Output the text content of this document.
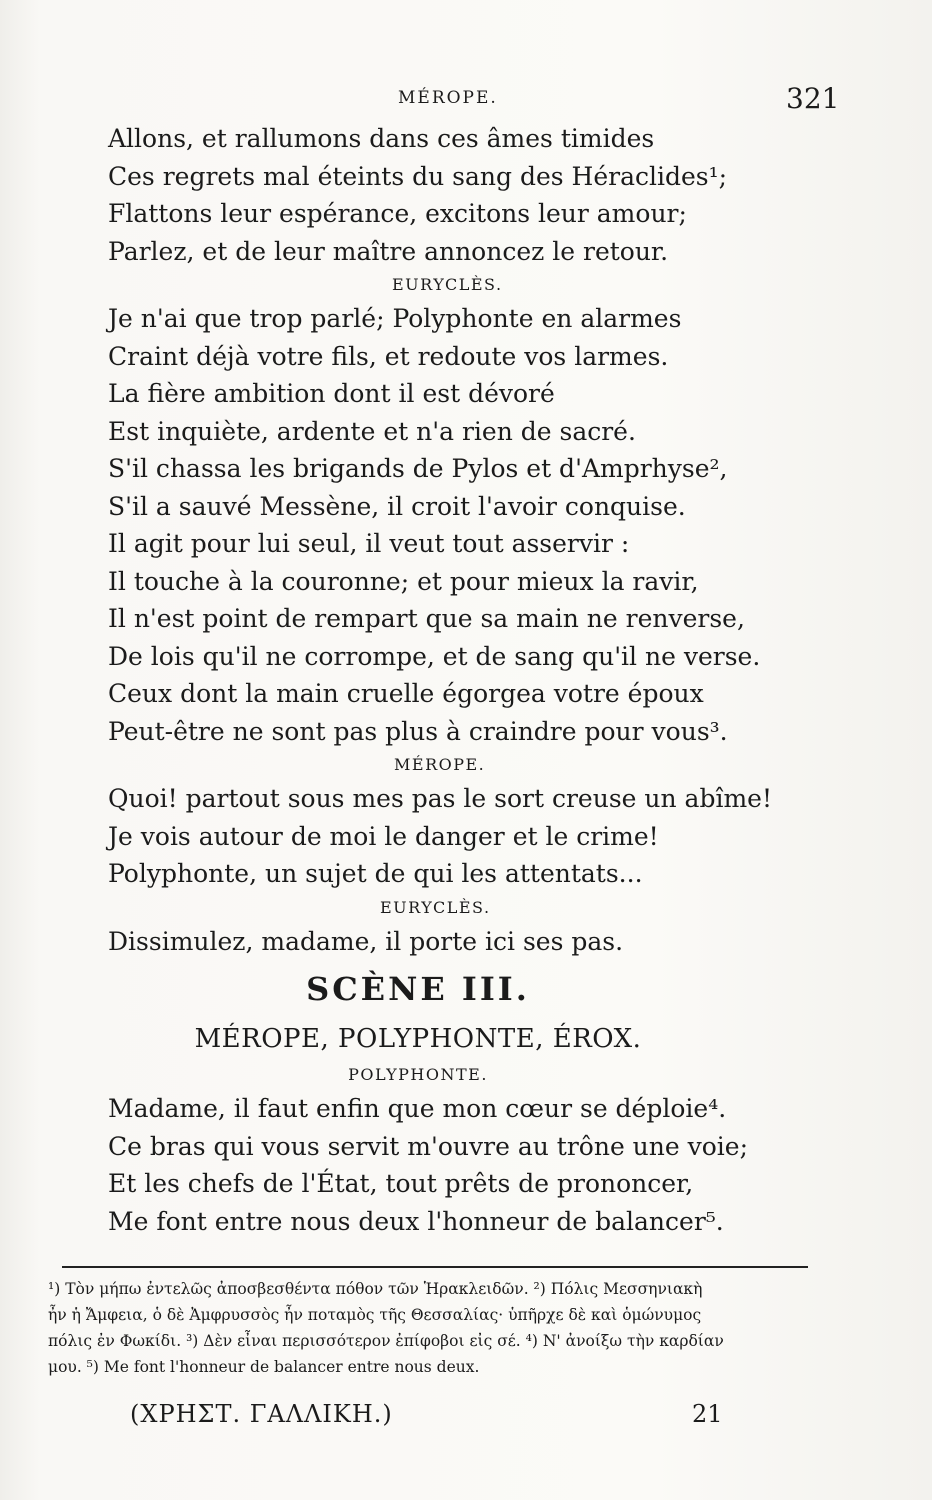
MÉROPE.	321
Allons, et rallumons dans ces âmes timides
Ces regrets mal éteints du sang des Héraclides¹;
Flattons leur espérance, excitons leur amour;
Parlez, et de leur maître annoncez le retour.
EURYCLÈS.
Je n'ai que trop parlé; Polyphonte en alarmes
Craint déjà votre fils, et redoute vos larmes.
La fière ambition dont il est dévoré
Est inquiète, ardente et n'a rien de sacré.
S'il chassa les brigands de Pylos et d'Amprhyse²,
S'il a sauvé Messène, il croit l'avoir conquise.
Il agit pour lui seul, il veut tout asservir :
Il touche à la couronne; et pour mieux la ravir,
Il n'est point de rempart que sa main ne renverse,
De lois qu'il ne corrompe, et de sang qu'il ne verse.
Ceux dont la main cruelle égorgea votre époux
Peut-être ne sont pas plus à craindre pour vous³.
MÉROPE.
Quoi! partout sous mes pas le sort creuse un abîme!
Je vois autour de moi le danger et le crime!
Polyphonte, un sujet de qui les attentats...
EURYCLÈS.
Dissimulez, madame, il porte ici ses pas.
SCÈNE III.
MÉROPE, POLYPHONTE, ÉROX.
POLYPHONTE.
Madame, il faut enfin que mon cœur se déploie⁴.
Ce bras qui vous servit m'ouvre au trône une voie;
Et les chefs de l'État, tout prêts de prononcer,
Me font entre nous deux l'honneur de balancer⁵.

¹) Τὸν μήπω ἐντελῶς ἀποσβεσθέντα πόθον τῶν Ἡρακλειδῶν. ²) Πόλις Μεσσηνιακὴ

ἦν ἡ Ἄμφεια, ὁ δὲ Ἀμφρυσσὸς ἦν ποταμὸς τῆς Θεσσαλίας· ὑπῆρχε δὲ καὶ ὁμώνυμος

πόλις ἐν Φωκίδι. ³) Δὲν εἶναι περισσότερον ἐπίφοβοι εἰς σέ. ⁴) Ν' ἀνοίξω τὴν καρδίαν

μου. ⁵) Me font l'honneur de balancer entre nous deux.

(ΧΡΗΣΤ. ΓΑΛΛΙΚΗ.)	21
